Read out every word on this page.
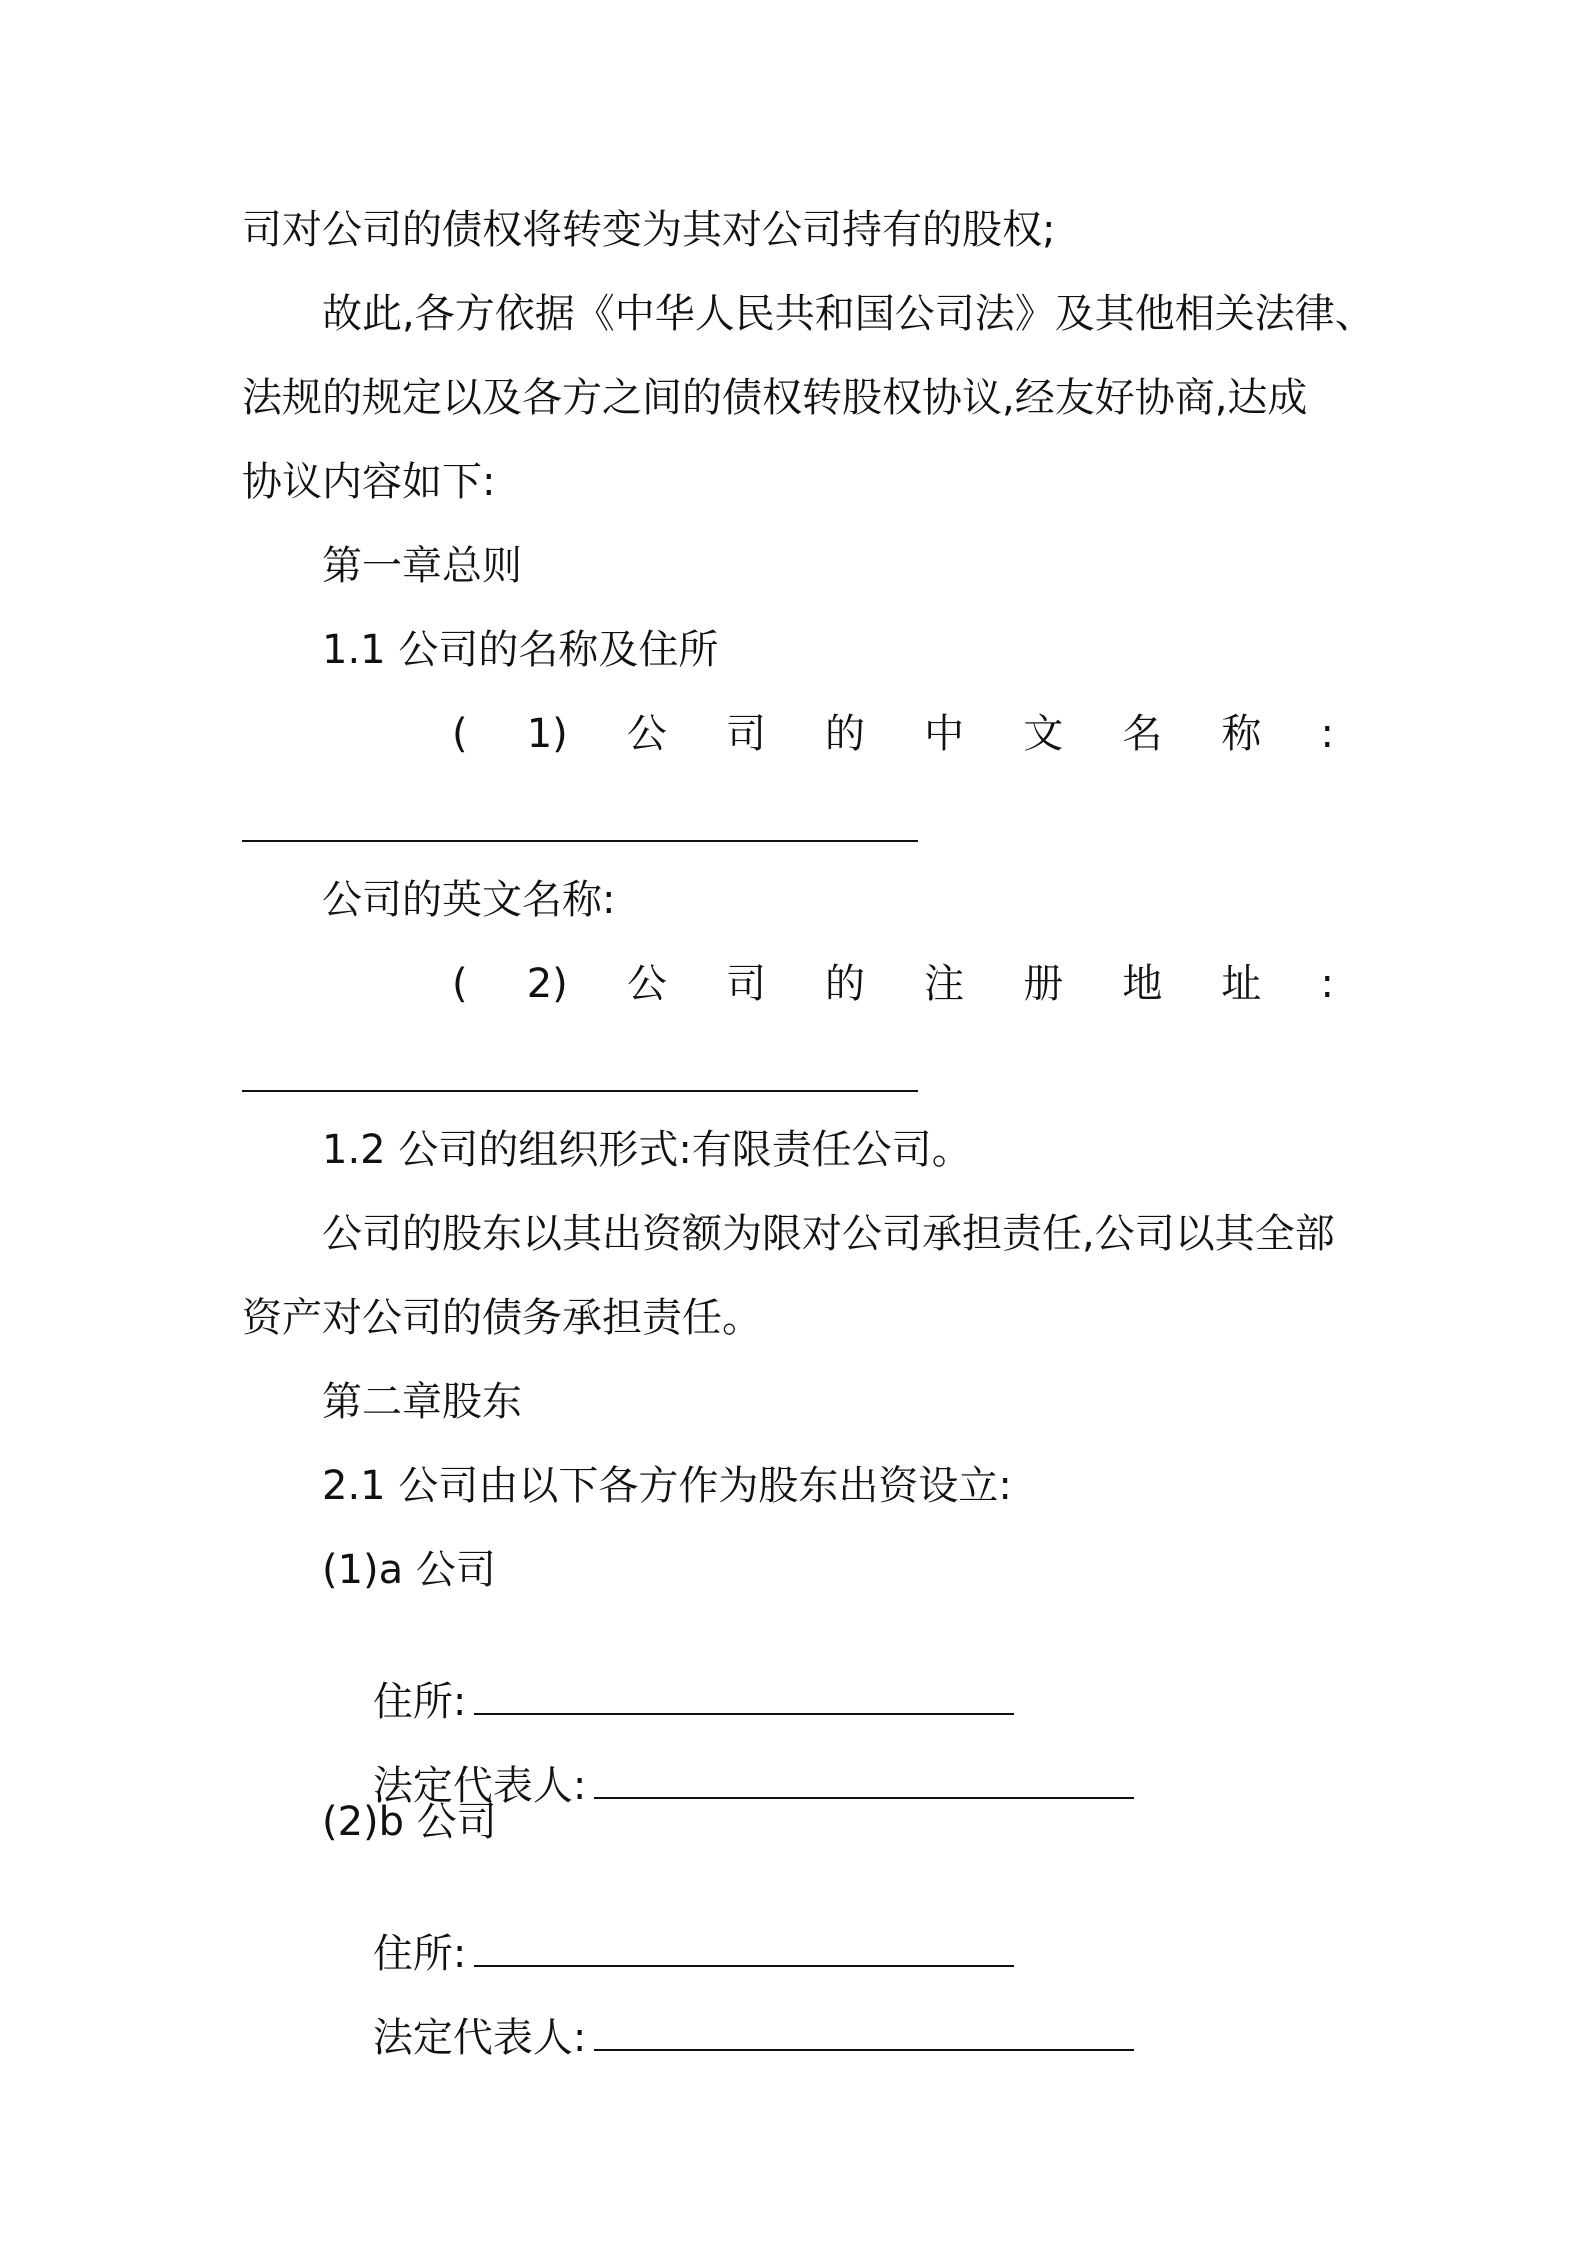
司对公司的债权将转变为其对公司持有的股权;
故此,各方依据《中华人民共和国公司法》及其他相关法律、
法规的规定以及各方之间的债权转股权协议,经友好协商,达成
协议内容如下:
第一章总则
1.1 公司的名称及住所
( 1) 公 司 的 中 文 名 称 :
公司的英文名称:
( 2) 公 司 的 注 册 地 址 :
1.2 公司的组织形式:有限责任公司。
公司的股东以其出资额为限对公司承担责任,公司以其全部
资产对公司的债务承担责任。
第二章股东
2.1 公司由以下各方作为股东出资设立:
(1)a 公司

住所:

法定代表人:

(2)b 公司

住所:

法定代表人:
